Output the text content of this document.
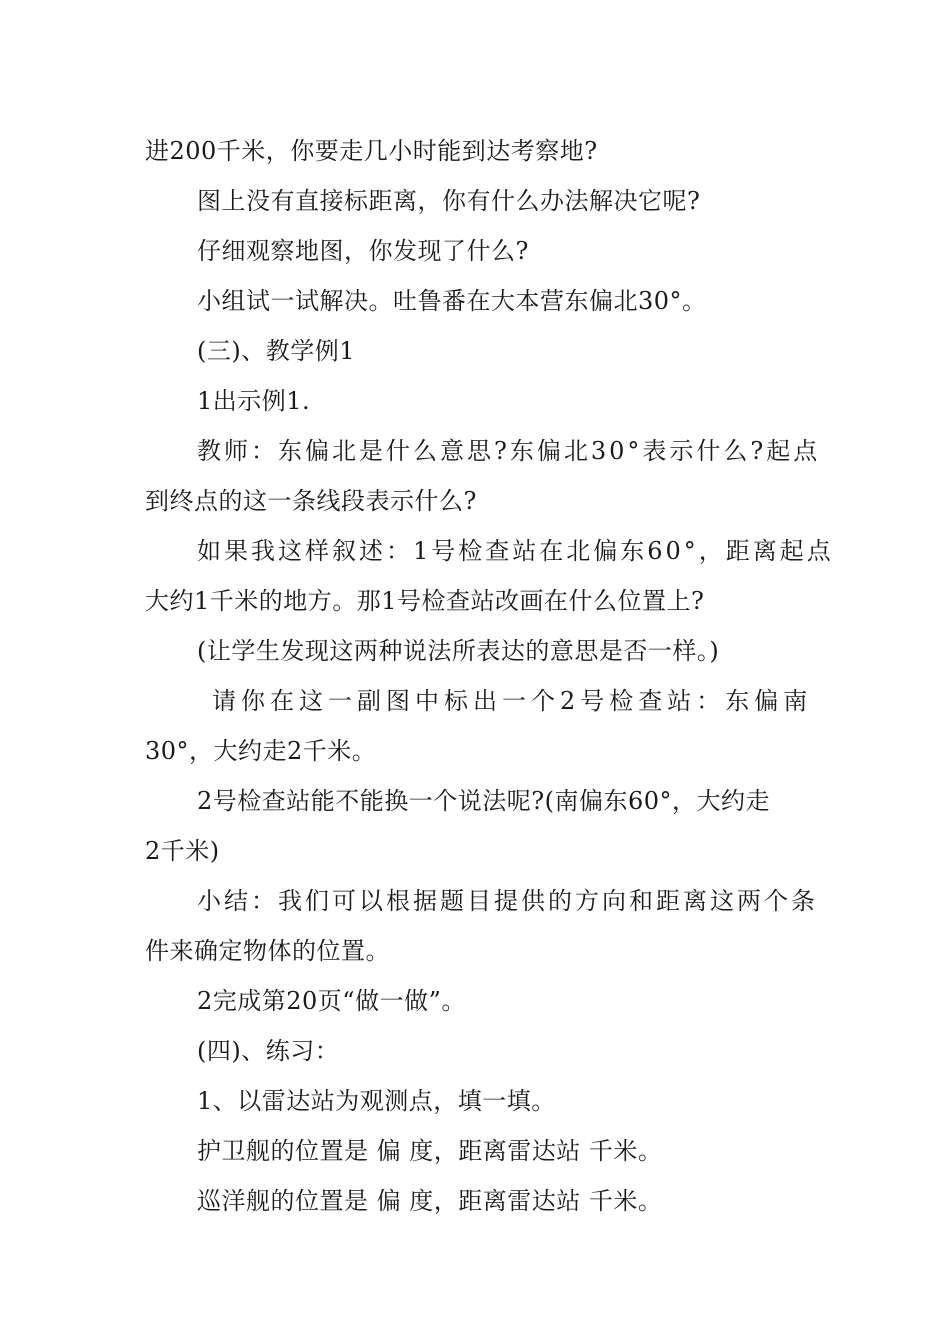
进200千米，你要走几小时能到达考察地?
图上没有直接标距离，你有什么办法解决它呢?
仔细观察地图，你发现了什么?
小组试一试解决。吐鲁番在大本营东偏北30°。
(三)、教学例1
1出示例1.
教师：东偏北是什么意思?东偏北30°表示什么?起点
到终点的这一条线段表示什么?
如果我这样叙述：1号检查站在北偏东60°，距离起点
大约1千米的地方。那1号检查站改画在什么位置上?
(让学生发现这两种说法所表达的意思是否一样。)
请你在这一副图中标出一个2号检查站：东偏南
30°，大约走2千米。
2号检查站能不能换一个说法呢?(南偏东60°，大约走
2千米)
小结：我们可以根据题目提供的方向和距离这两个条
件来确定物体的位置。
2完成第20页“做一做”。
(四)、练习：
1、以雷达站为观测点，填一填。
护卫舰的位置是 偏 度，距离雷达站 千米。
巡洋舰的位置是 偏 度，距离雷达站 千米。
